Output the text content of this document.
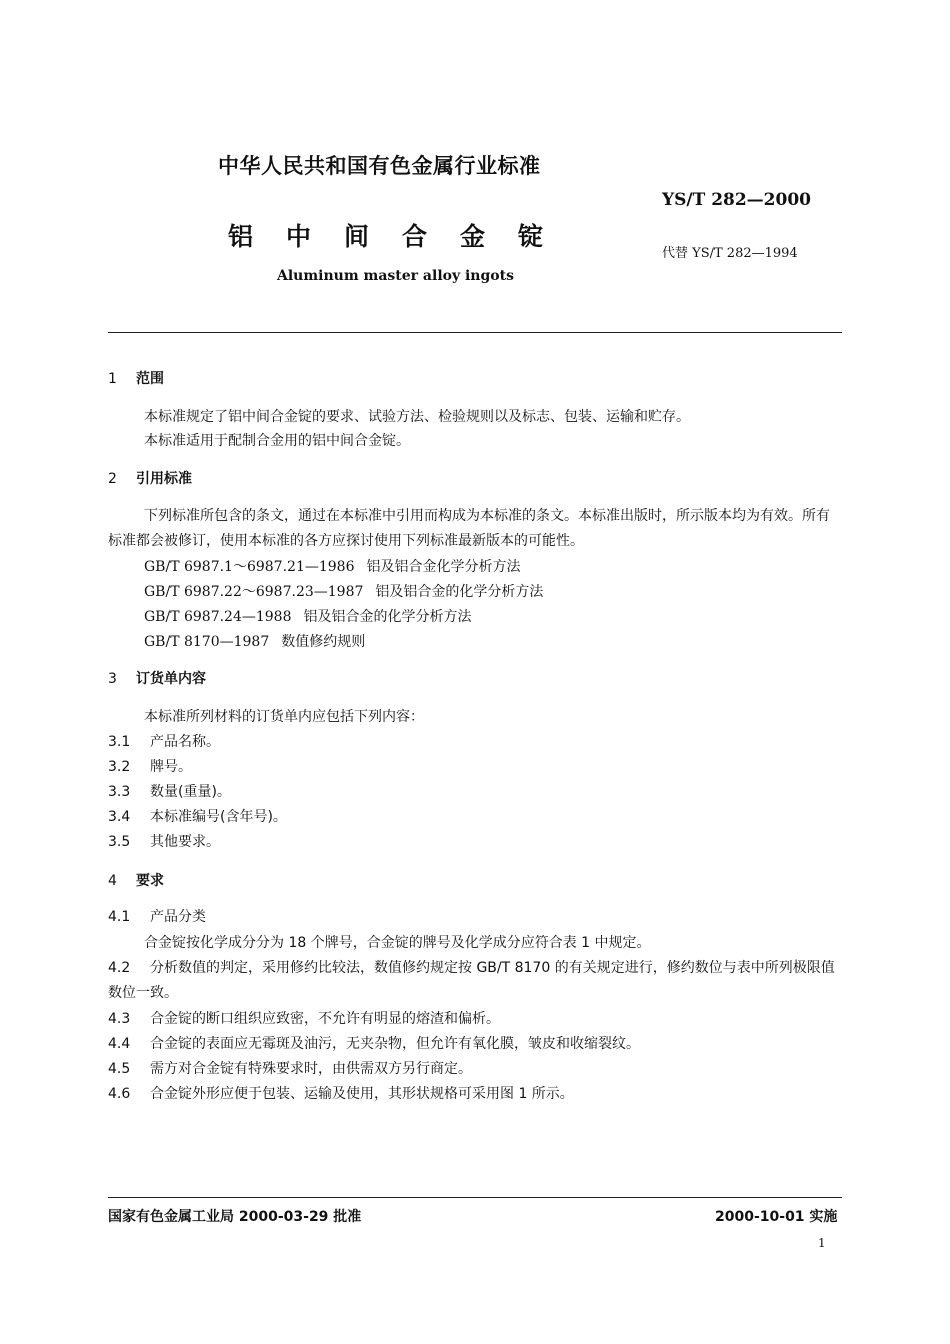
中华人民共和国有色金属行业标准
YS/T 282—2000
铝中间合金锭
代替 YS/T 282—1994
Aluminum master alloy ingots
1 范围
本标准规定了铝中间合金锭的要求、试验方法、检验规则以及标志、包装、运输和贮存。
本标准适用于配制合金用的铝中间合金锭。
2 引用标准
下列标准所包含的条文，通过在本标准中引用而构成为本标准的条文。本标准出版时，所示版本均为有效。所有标准都会被修订，使用本标准的各方应探讨使用下列标准最新版本的可能性。
GB/T 6987.1～6987.21—1986 铝及铝合金化学分析方法
GB/T 6987.22～6987.23—1987 铝及铝合金的化学分析方法
GB/T 6987.24—1988 铝及铝合金的化学分析方法
GB/T 8170—1987 数值修约规则
3 订货单内容
本标准所列材料的订货单内应包括下列内容：
3.1 产品名称。
3.2 牌号。
3.3 数量(重量)。
3.4 本标准编号(含年号)。
3.5 其他要求。
4 要求
4.1 产品分类
合金锭按化学成分分为 18 个牌号，合金锭的牌号及化学成分应符合表 1 中规定。
4.2 分析数值的判定，采用修约比较法，数值修约规定按 GB/T 8170 的有关规定进行，修约数位与表中所列极限值数位一致。
4.3 合金锭的断口组织应致密，不允许有明显的熔渣和偏析。
4.4 合金锭的表面应无霉斑及油污，无夹杂物，但允许有氧化膜，皱皮和收缩裂纹。
4.5 需方对合金锭有特殊要求时，由供需双方另行商定。
4.6 合金锭外形应便于包装、运输及使用，其形状规格可采用图 1 所示。
国家有色金属工业局 2000-03-29 批准	2000-10-01 实施
1
